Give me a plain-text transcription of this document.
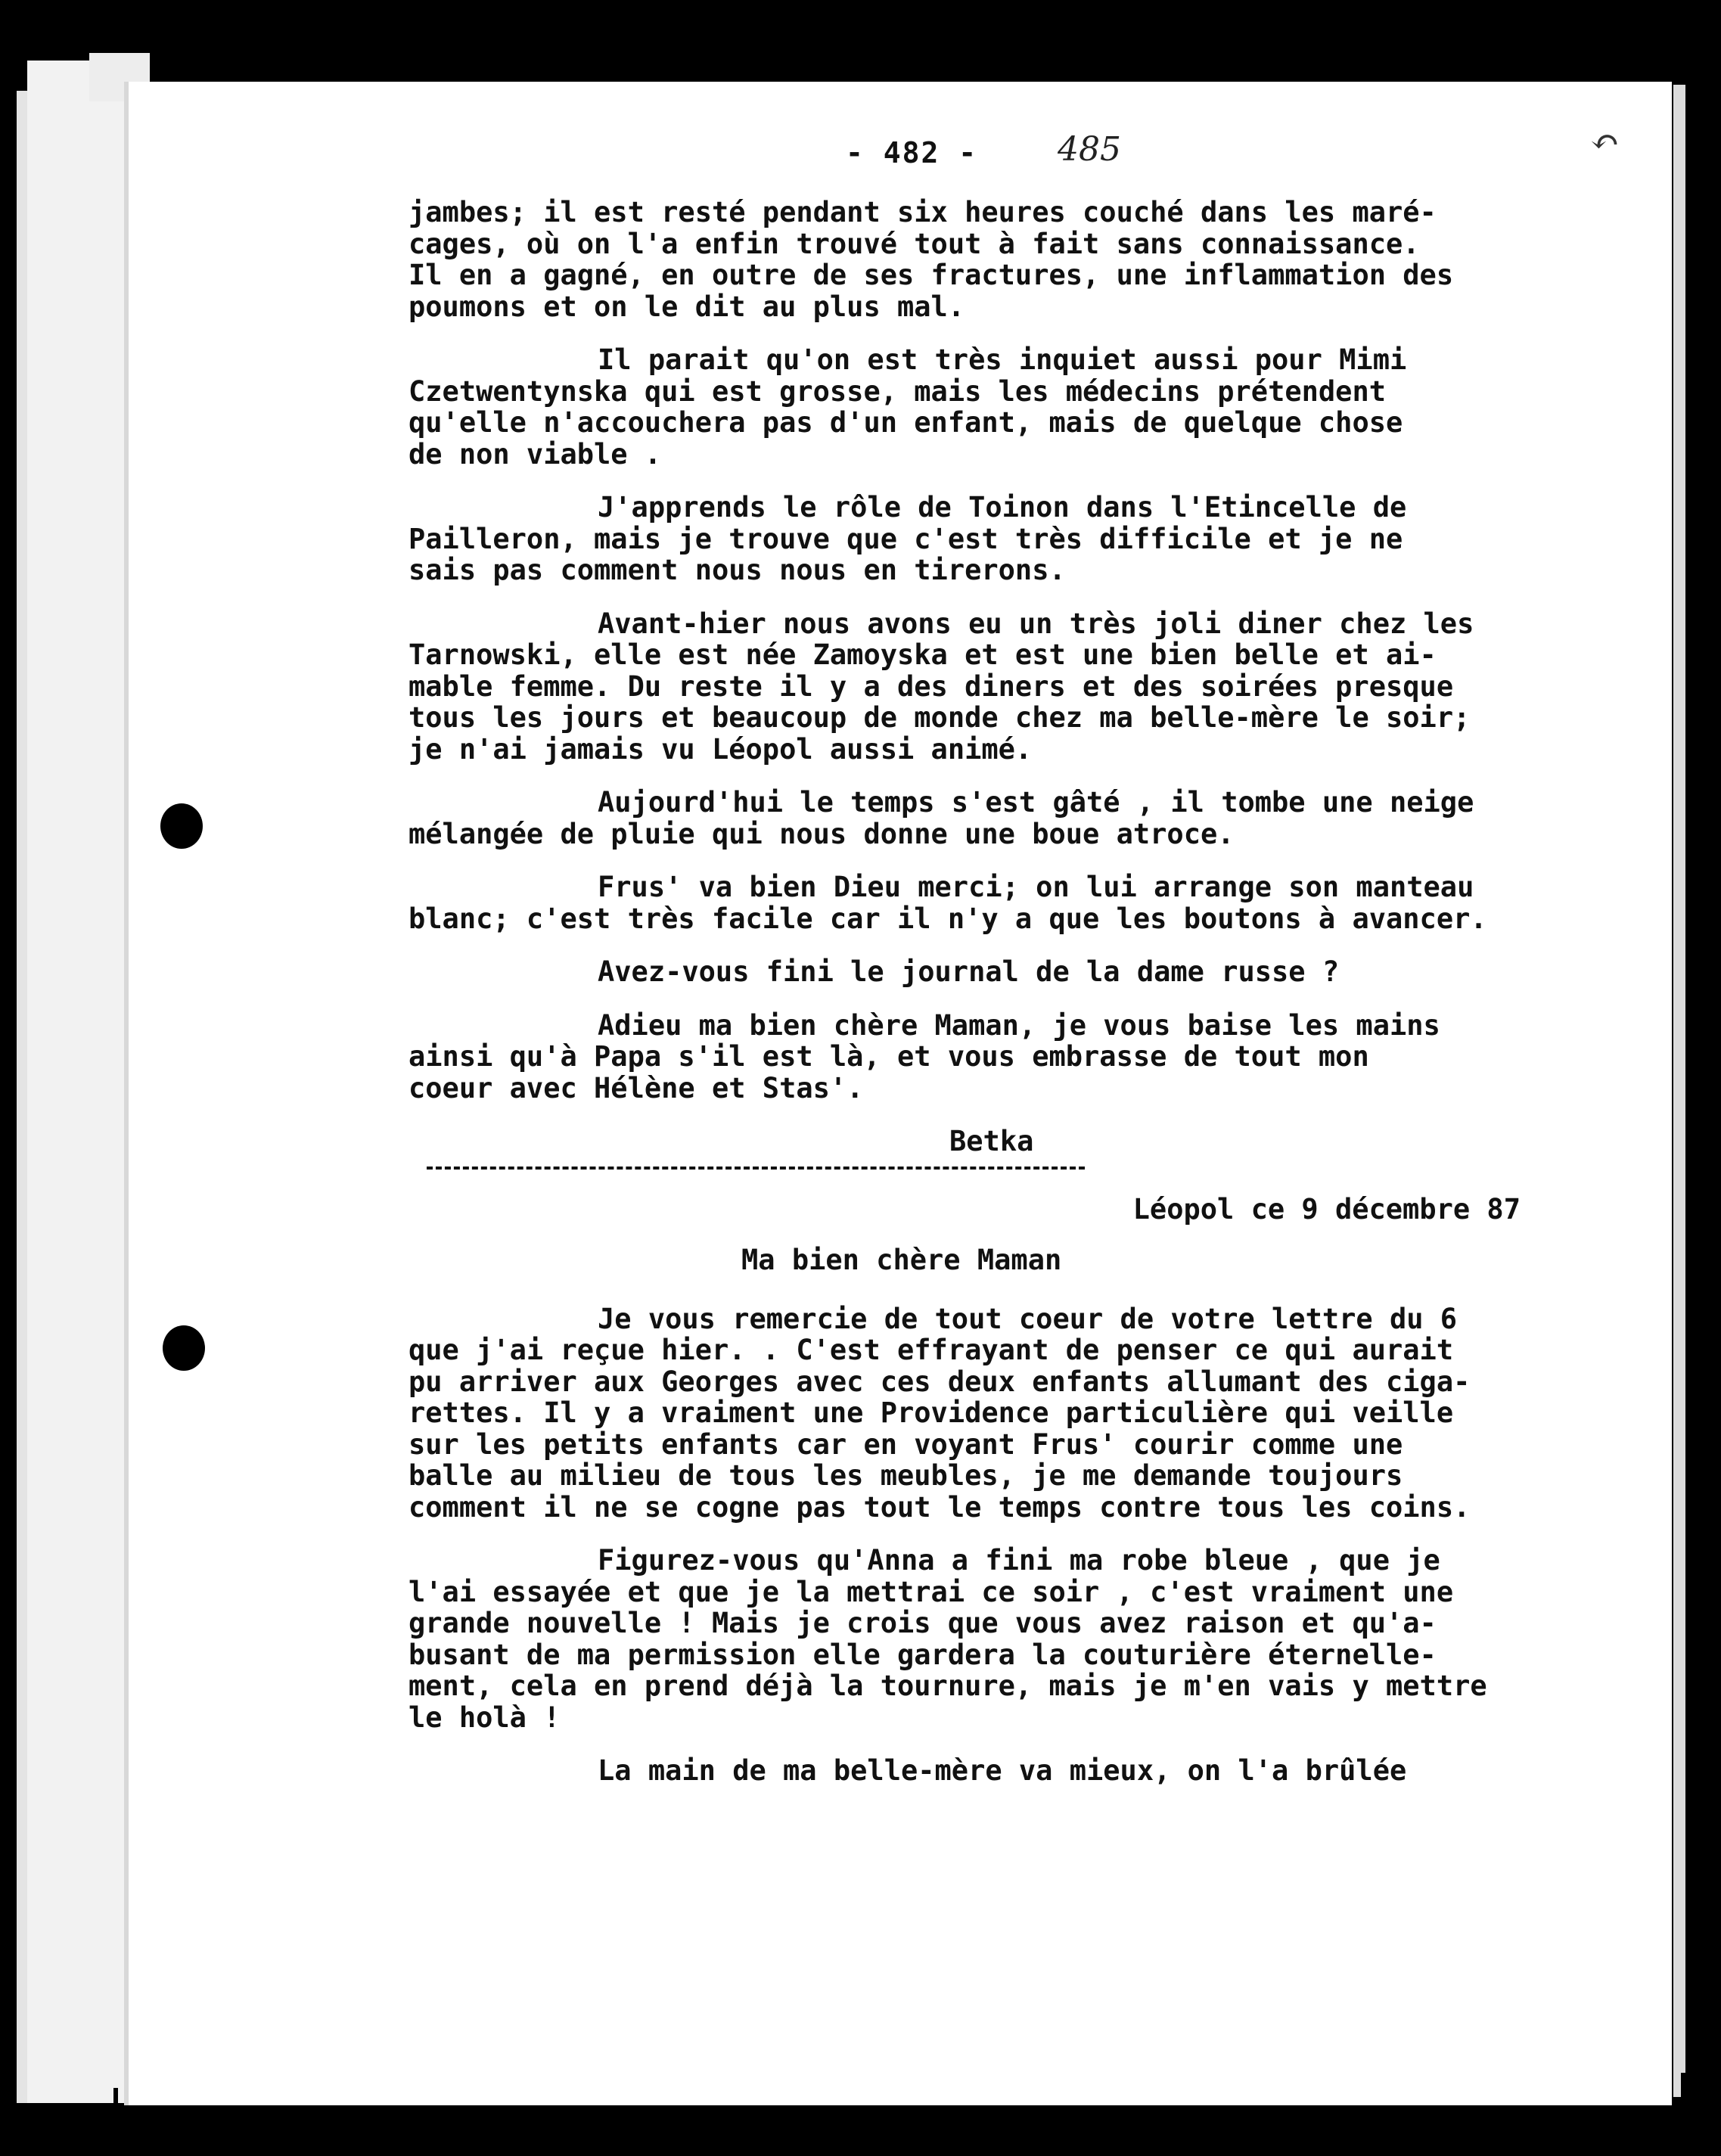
- 482 - 485	↶
jambes; il est resté pendant six heures couché dans les maré-
cages, où on l'a enfin trouvé tout à fait sans connaissance.
Il en a gagné, en outre de ses fractures, une inflammation des
poumons et on le dit au plus mal.
Il parait qu'on est très inquiet aussi pour Mimi
Czetwentynska qui est grosse, mais les médecins prétendent
qu'elle n'accouchera pas d'un enfant, mais de quelque chose
de non viable .
J'apprends le rôle de Toinon dans l'Etincelle de
Pailleron, mais je trouve que c'est très difficile et je ne
sais pas comment nous nous en tirerons.
Avant-hier nous avons eu un très joli diner chez les
Tarnowski, elle est née Zamoyska et est une bien belle et ai-
mable femme. Du reste il y a des diners et des soirées presque
tous les jours et beaucoup de monde chez ma belle-mère le soir;
je n'ai jamais vu Léopol aussi animé.
Aujourd'hui le temps s'est gâté , il tombe une neige
mélangée de pluie qui nous donne une boue atroce.
Frus' va bien Dieu merci; on lui arrange son manteau
blanc; c'est très facile car il n'y a que les boutons à avancer.
Avez-vous fini le journal de la dame russe ?
Adieu ma bien chère Maman, je vous baise les mains
ainsi qu'à Papa s'il est là, et vous embrasse de tout mon
coeur avec Hélène et Stas'.
Betka
Léopol ce 9 décembre 87
Ma bien chère Maman
Je vous remercie de tout coeur de votre lettre du 6
que j'ai reçue hier. . C'est effrayant de penser ce qui aurait
pu arriver aux Georges avec ces deux enfants allumant des ciga-
rettes. Il y a vraiment une Providence particulière qui veille
sur les petits enfants car en voyant Frus' courir comme une
balle au milieu de tous les meubles, je me demande toujours
comment il ne se cogne pas tout le temps contre tous les coins.
Figurez-vous qu'Anna a fini ma robe bleue , que je
l'ai essayée et que je la mettrai ce soir , c'est vraiment une
grande nouvelle ! Mais je crois que vous avez raison et qu'a-
busant de ma permission elle gardera la couturière éternelle-
ment, cela en prend déjà la tournure, mais je m'en vais y mettre
le holà !
La main de ma belle-mère va mieux, on l'a brûlée
